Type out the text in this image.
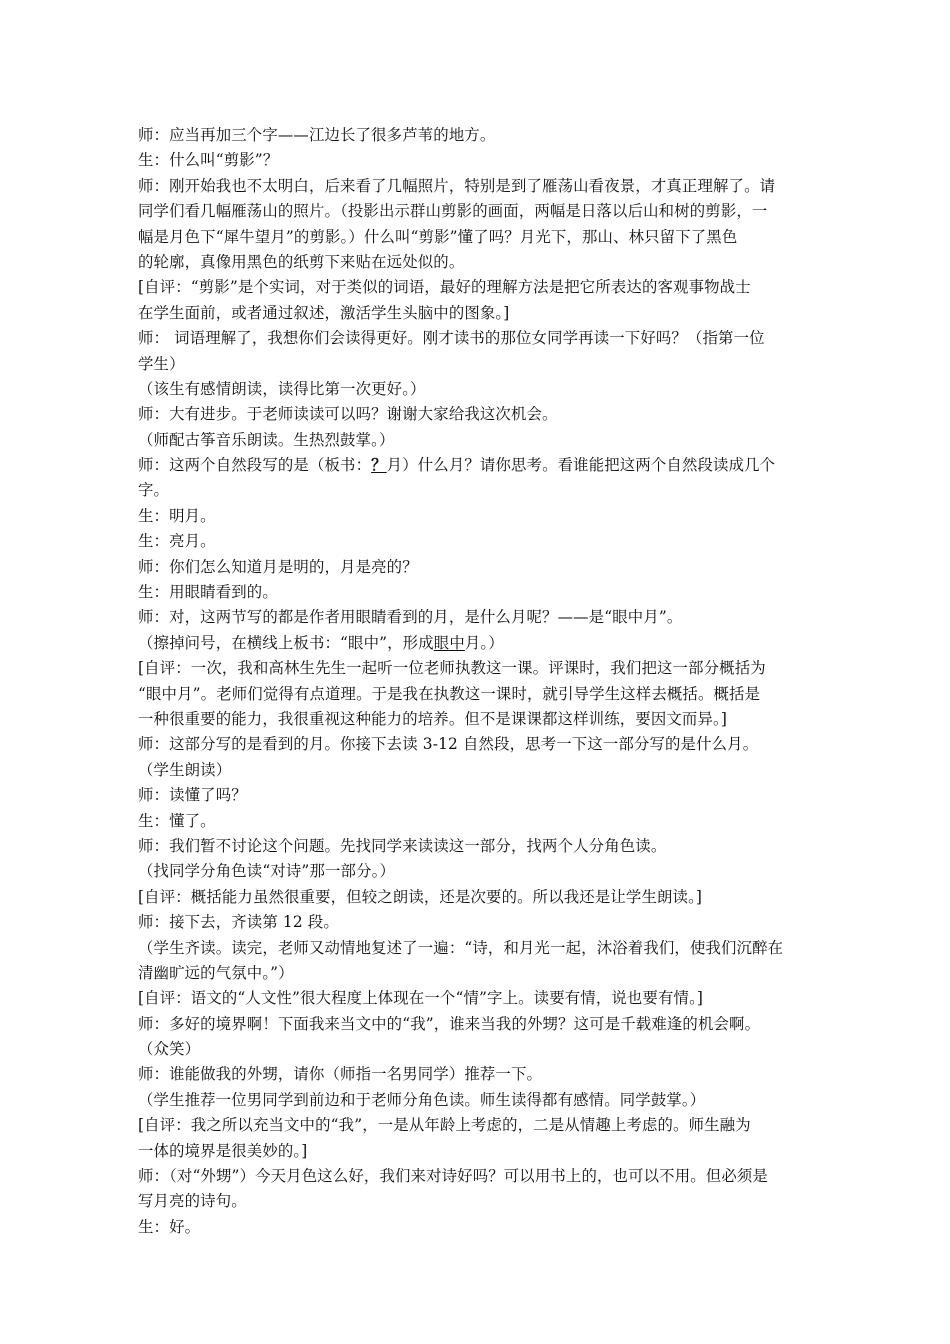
师：应当再加三个字——江边长了很多芦苇的地方。
生：什么叫“剪影”？
师：刚开始我也不太明白，后来看了几幅照片，特别是到了雁荡山看夜景，才真正理解了。请
同学们看几幅雁荡山的照片。（投影出示群山剪影的画面，两幅是日落以后山和树的剪影，一
幅是月色下“犀牛望月”的剪影。）什么叫“剪影”懂了吗？月光下，那山、林只留下了黑色
的轮廓，真像用黑色的纸剪下来贴在远处似的。
[自评：“剪影”是个实词，对于类似的词语，最好的理解方法是把它所表达的客观事物战士
在学生面前，或者通过叙述，激活学生头脑中的图象。]
师： 词语理解了，我想你们会读得更好。刚才读书的那位女同学再读一下好吗？（指第一位
学生）
（该生有感情朗读，读得比第一次更好。）
师：大有进步。于老师读读可以吗？谢谢大家给我这次机会。
（师配古筝音乐朗读。生热烈鼓掌。）
师：这两个自然段写的是（板书：？月）什么月？请你思考。看谁能把这两个自然段读成几个
字。
生：明月。
生：亮月。
师：你们怎么知道月是明的，月是亮的？
生：用眼睛看到的。
师：对，这两节写的都是作者用眼睛看到的月，是什么月呢？——是“眼中月”。
（擦掉问号，在横线上板书：“眼中”，形成眼中月。）
[自评：一次，我和高林生先生一起听一位老师执教这一课。评课时，我们把这一部分概括为
“眼中月”。老师们觉得有点道理。于是我在执教这一课时，就引导学生这样去概括。概括是
一种很重要的能力，我很重视这种能力的培养。但不是课课都这样训练，要因文而异。]
师：这部分写的是看到的月。你接下去读 3-12 自然段，思考一下这一部分写的是什么月。
（学生朗读）
师：读懂了吗？
生：懂了。
师：我们暂不讨论这个问题。先找同学来读读这一部分，找两个人分角色读。
（找同学分角色读“对诗”那一部分。）
[自评：概括能力虽然很重要，但较之朗读，还是次要的。所以我还是让学生朗读。]
师：接下去，齐读第 12 段。
（学生齐读。读完，老师又动情地复述了一遍：“诗，和月光一起，沐浴着我们，使我们沉醉在
清幽旷远的气氛中。”）
[自评：语文的“人文性”很大程度上体现在一个“情”字上。读要有情，说也要有情。]
师：多好的境界啊！下面我来当文中的“我”，谁来当我的外甥？这可是千载难逢的机会啊。
（众笑）
师：谁能做我的外甥，请你（师指一名男同学）推荐一下。
（学生推荐一位男同学到前边和于老师分角色读。师生读得都有感情。同学鼓掌。）
[自评：我之所以充当文中的“我”，一是从年龄上考虑的，二是从情趣上考虑的。师生融为
一体的境界是很美妙的。]
师：（对“外甥”）今天月色这么好，我们来对诗好吗？可以用书上的，也可以不用。但必须是
写月亮的诗句。
生：好。
